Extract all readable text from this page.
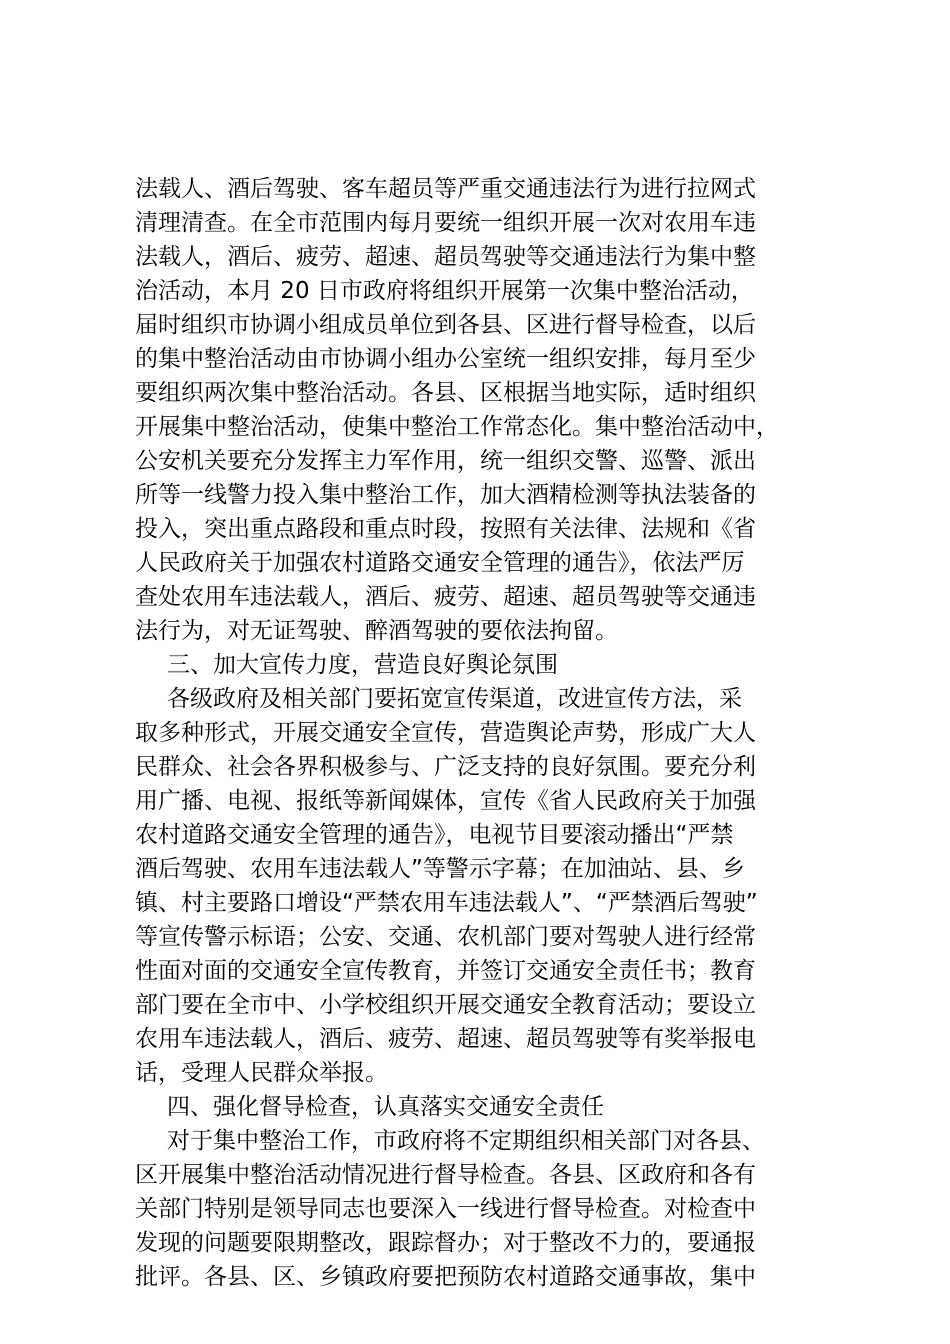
法载人、酒后驾驶、客车超员等严重交通违法行为进行拉网式
清理清查。在全市范围内每月要统一组织开展一次对农用车违
法载人，酒后、疲劳、超速、超员驾驶等交通违法行为集中整
治活动，本月 20 日市政府将组织开展第一次集中整治活动，
届时组织市协调小组成员单位到各县、区进行督导检查，以后
的集中整治活动由市协调小组办公室统一组织安排，每月至少
要组织两次集中整治活动。各县、区根据当地实际，适时组织
开展集中整治活动，使集中整治工作常态化。集中整治活动中，
公安机关要充分发挥主力军作用，统一组织交警、巡警、派出
所等一线警力投入集中整治工作，加大酒精检测等执法装备的
投入，突出重点路段和重点时段，按照有关法律、法规和《省
人民政府关于加强农村道路交通安全管理的通告》，依法严厉
查处农用车违法载人，酒后、疲劳、超速、超员驾驶等交通违
法行为，对无证驾驶、醉酒驾驶的要依法拘留。
三、加大宣传力度，营造良好舆论氛围
各级政府及相关部门要拓宽宣传渠道，改进宣传方法，采
取多种形式，开展交通安全宣传，营造舆论声势，形成广大人
民群众、社会各界积极参与、广泛支持的良好氛围。要充分利
用广播、电视、报纸等新闻媒体，宣传《省人民政府关于加强
农村道路交通安全管理的通告》，电视节目要滚动播出“严禁
酒后驾驶、农用车违法载人”等警示字幕；在加油站、县、乡
镇、村主要路口增设“严禁农用车违法载人”、“严禁酒后驾驶”
等宣传警示标语；公安、交通、农机部门要对驾驶人进行经常
性面对面的交通安全宣传教育，并签订交通安全责任书；教育
部门要在全市中、小学校组织开展交通安全教育活动；要设立
农用车违法载人，酒后、疲劳、超速、超员驾驶等有奖举报电
话，受理人民群众举报。
四、强化督导检查，认真落实交通安全责任
对于集中整治工作，市政府将不定期组织相关部门对各县、
区开展集中整治活动情况进行督导检查。各县、区政府和各有
关部门特别是领导同志也要深入一线进行督导检查。对检查中
发现的问题要限期整改，跟踪督办；对于整改不力的，要通报
批评。各县、区、乡镇政府要把预防农村道路交通事故，集中
